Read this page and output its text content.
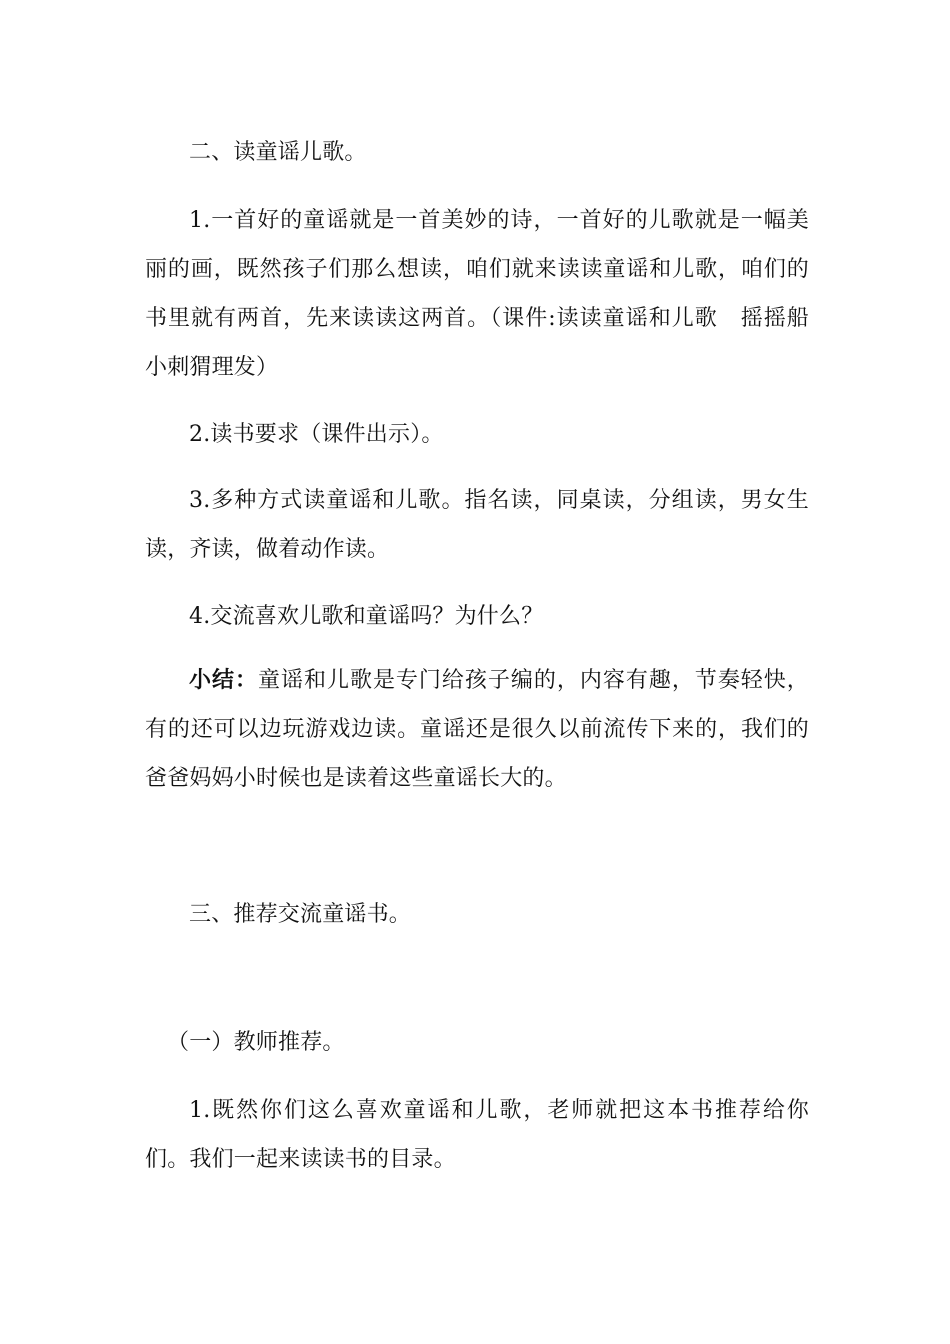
二、读童谣儿歌。

1.一首好的童谣就是一首美妙的诗，一首好的儿歌就是一幅美丽的画，既然孩子们那么想读，咱们就来读读童谣和儿歌，咱们的书里就有两首，先来读读这两首。（课件:读读童谣和儿歌　摇摇船　小刺猬理发）

2.读书要求（课件出示）。

3.多种方式读童谣和儿歌。指名读，同桌读，分组读，男女生读，齐读，做着动作读。

4.交流喜欢儿歌和童谣吗？为什么？

小结：童谣和儿歌是专门给孩子编的，内容有趣，节奏轻快，有的还可以边玩游戏边读。童谣还是很久以前流传下来的，我们的爸爸妈妈小时候也是读着这些童谣长大的。

三、推荐交流童谣书。

（一）教师推荐。

1.既然你们这么喜欢童谣和儿歌，老师就把这本书推荐给你们。我们一起来读读书的目录。
